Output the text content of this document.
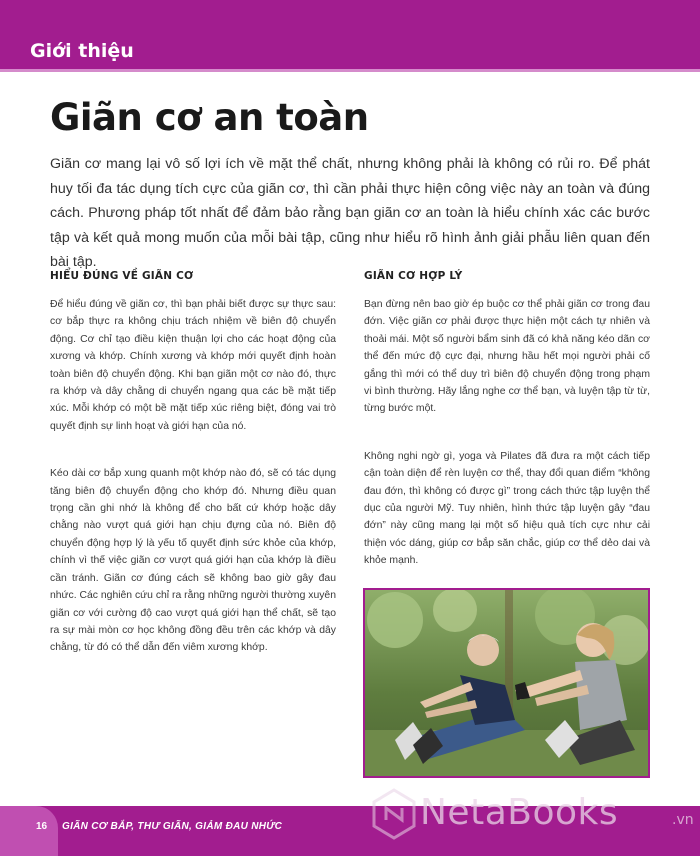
Giới thiệu
Giãn cơ an toàn

Giãn cơ mang lại vô số lợi ích về mặt thể chất, nhưng không phải là không có rủi ro. Để phát huy tối đa tác dụng tích cực của giãn cơ, thì cần phải thực hiện công việc này an toàn và đúng cách. Phương pháp tốt nhất để đảm bảo rằng bạn giãn cơ an toàn là hiểu chính xác các bước tập và kết quả mong muốn của mỗi bài tập, cũng như hiểu rõ hình ảnh giải phẫu liên quan đến bài tập.

HIỂU ĐÚNG VỀ GIÃN CƠ

Để hiểu đúng về giãn cơ, thì bạn phải biết được sự thực sau: cơ bắp thực ra không chịu trách nhiệm về biên độ chuyển động. Cơ chỉ tạo điều kiện thuận lợi cho các hoạt động của xương và khớp. Chính xương và khớp mới quyết định hoàn toàn biên độ chuyển động. Khi bạn giãn một cơ nào đó, thực ra khớp và dây chằng di chuyển ngang qua các bề mặt tiếp xúc. Mỗi khớp có một bề mặt tiếp xúc riêng biệt, đóng vai trò quyết định sự linh hoạt và giới hạn của nó.

Kéo dài cơ bắp xung quanh một khớp nào đó, sẽ có tác dụng tăng biên độ chuyển động cho khớp đó. Nhưng điều quan trọng cần ghi nhớ là không để cho bất cứ khớp hoặc dây chằng nào vượt quá giới hạn chịu đựng của nó. Biên độ chuyển động hợp lý là yếu tố quyết định sức khỏe của khớp, chính vì thế việc giãn cơ vượt quá giới hạn của khớp là điều cần tránh. Giãn cơ đúng cách sẽ không bao giờ gây đau nhức. Các nghiên cứu chỉ ra rằng những người thường xuyên giãn cơ với cường độ cao vượt quá giới hạn thể chất, sẽ tạo ra sự mài mòn cơ học không đồng đều trên các khớp và dây chằng, từ đó có thể dẫn đến viêm xương khớp.

GIÃN CƠ HỢP LÝ

Bạn đừng nên bao giờ ép buộc cơ thể phải giãn cơ trong đau đớn. Việc giãn cơ phải được thực hiện một cách tự nhiên và thoải mái. Một số người bẩm sinh đã có khả năng kéo dãn cơ thể đến mức độ cực đại, nhưng hầu hết mọi người phải cố gắng thì mới có thể duy trì biên độ chuyển động trong phạm vi bình thường. Hãy lắng nghe cơ thể bạn, và luyện tập từ từ, từng bước một.

Không nghi ngờ gì, yoga và Pilates đã đưa ra một cách tiếp cận toàn diện để rèn luyện cơ thể, thay đổi quan điểm “không đau đớn, thì không có được gì” trong cách thức tập luyện thể dục của người Mỹ. Tuy nhiên, hình thức tập luyện gây “đau đớn” này cũng mang lại một số hiệu quả tích cực như cải thiện vóc dáng, giúp cơ bắp săn chắc, giúp cơ thể dẻo dai và khỏe mạnh.

16 GIÃN CƠ BẮP, THƯ GIÃN, GIẢM ĐAU NHỨC	NetaBooks	.vn
